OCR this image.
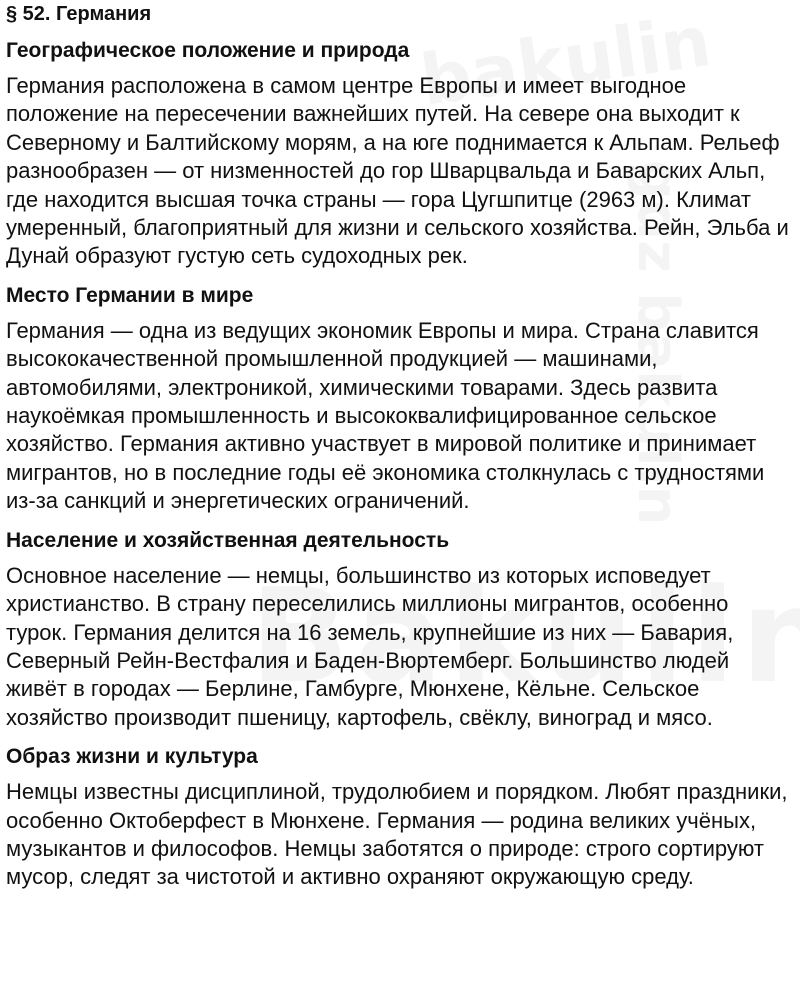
§ 52. Германия
Географическое положение и природа

Германия расположена в самом центре Европы и имеет выгодное положение на пересечении важнейших путей. На севере она выходит к Северному и Балтийскому морям, а на юге поднимается к Альпам. Рельеф разнообразен — от низменностей до гор Шварцвальда и Баварских Альп, где находится высшая точка страны — гора Цугшпитце (2963 м). Климат умеренный, благоприятный для жизни и сельского хозяйства. Рейн, Эльба и Дунай образуют густую сеть судоходных рек.

Место Германии в мире

Германия — одна из ведущих экономик Европы и мира. Страна славится высококачественной промышленной продукцией — машинами, автомобилями, электроникой, химическими товарами. Здесь развита наукоёмкая промышленность и высококвалифицированное сельское хозяйство. Германия активно участвует в мировой политике и принимает мигрантов, но в последние годы её экономика столкнулась с трудностями из-за санкций и энергетических ограничений.

Население и хозяйственная деятельность

Основное население — немцы, большинство из которых исповедует христианство. В страну переселились миллионы мигрантов, особенно турок. Германия делится на 16 земель, крупнейшие из них — Бавария, Северный Рейн-Вестфалия и Баден-Вюртемберг. Большинство людей живёт в городах — Берлине, Гамбурге, Мюнхене, Кёльне. Сельское хозяйство производит пшеницу, картофель, свёклу, виноград и мясо.

Образ жизни и культура

Немцы известны дисциплиной, трудолюбием и порядком. Любят праздники, особенно Октоберфест в Мюнхене. Германия — родина великих учёных, музыкантов и философов. Немцы заботятся о природе: строго сортируют мусор, следят за чистотой и активно охраняют окружающую среду.
